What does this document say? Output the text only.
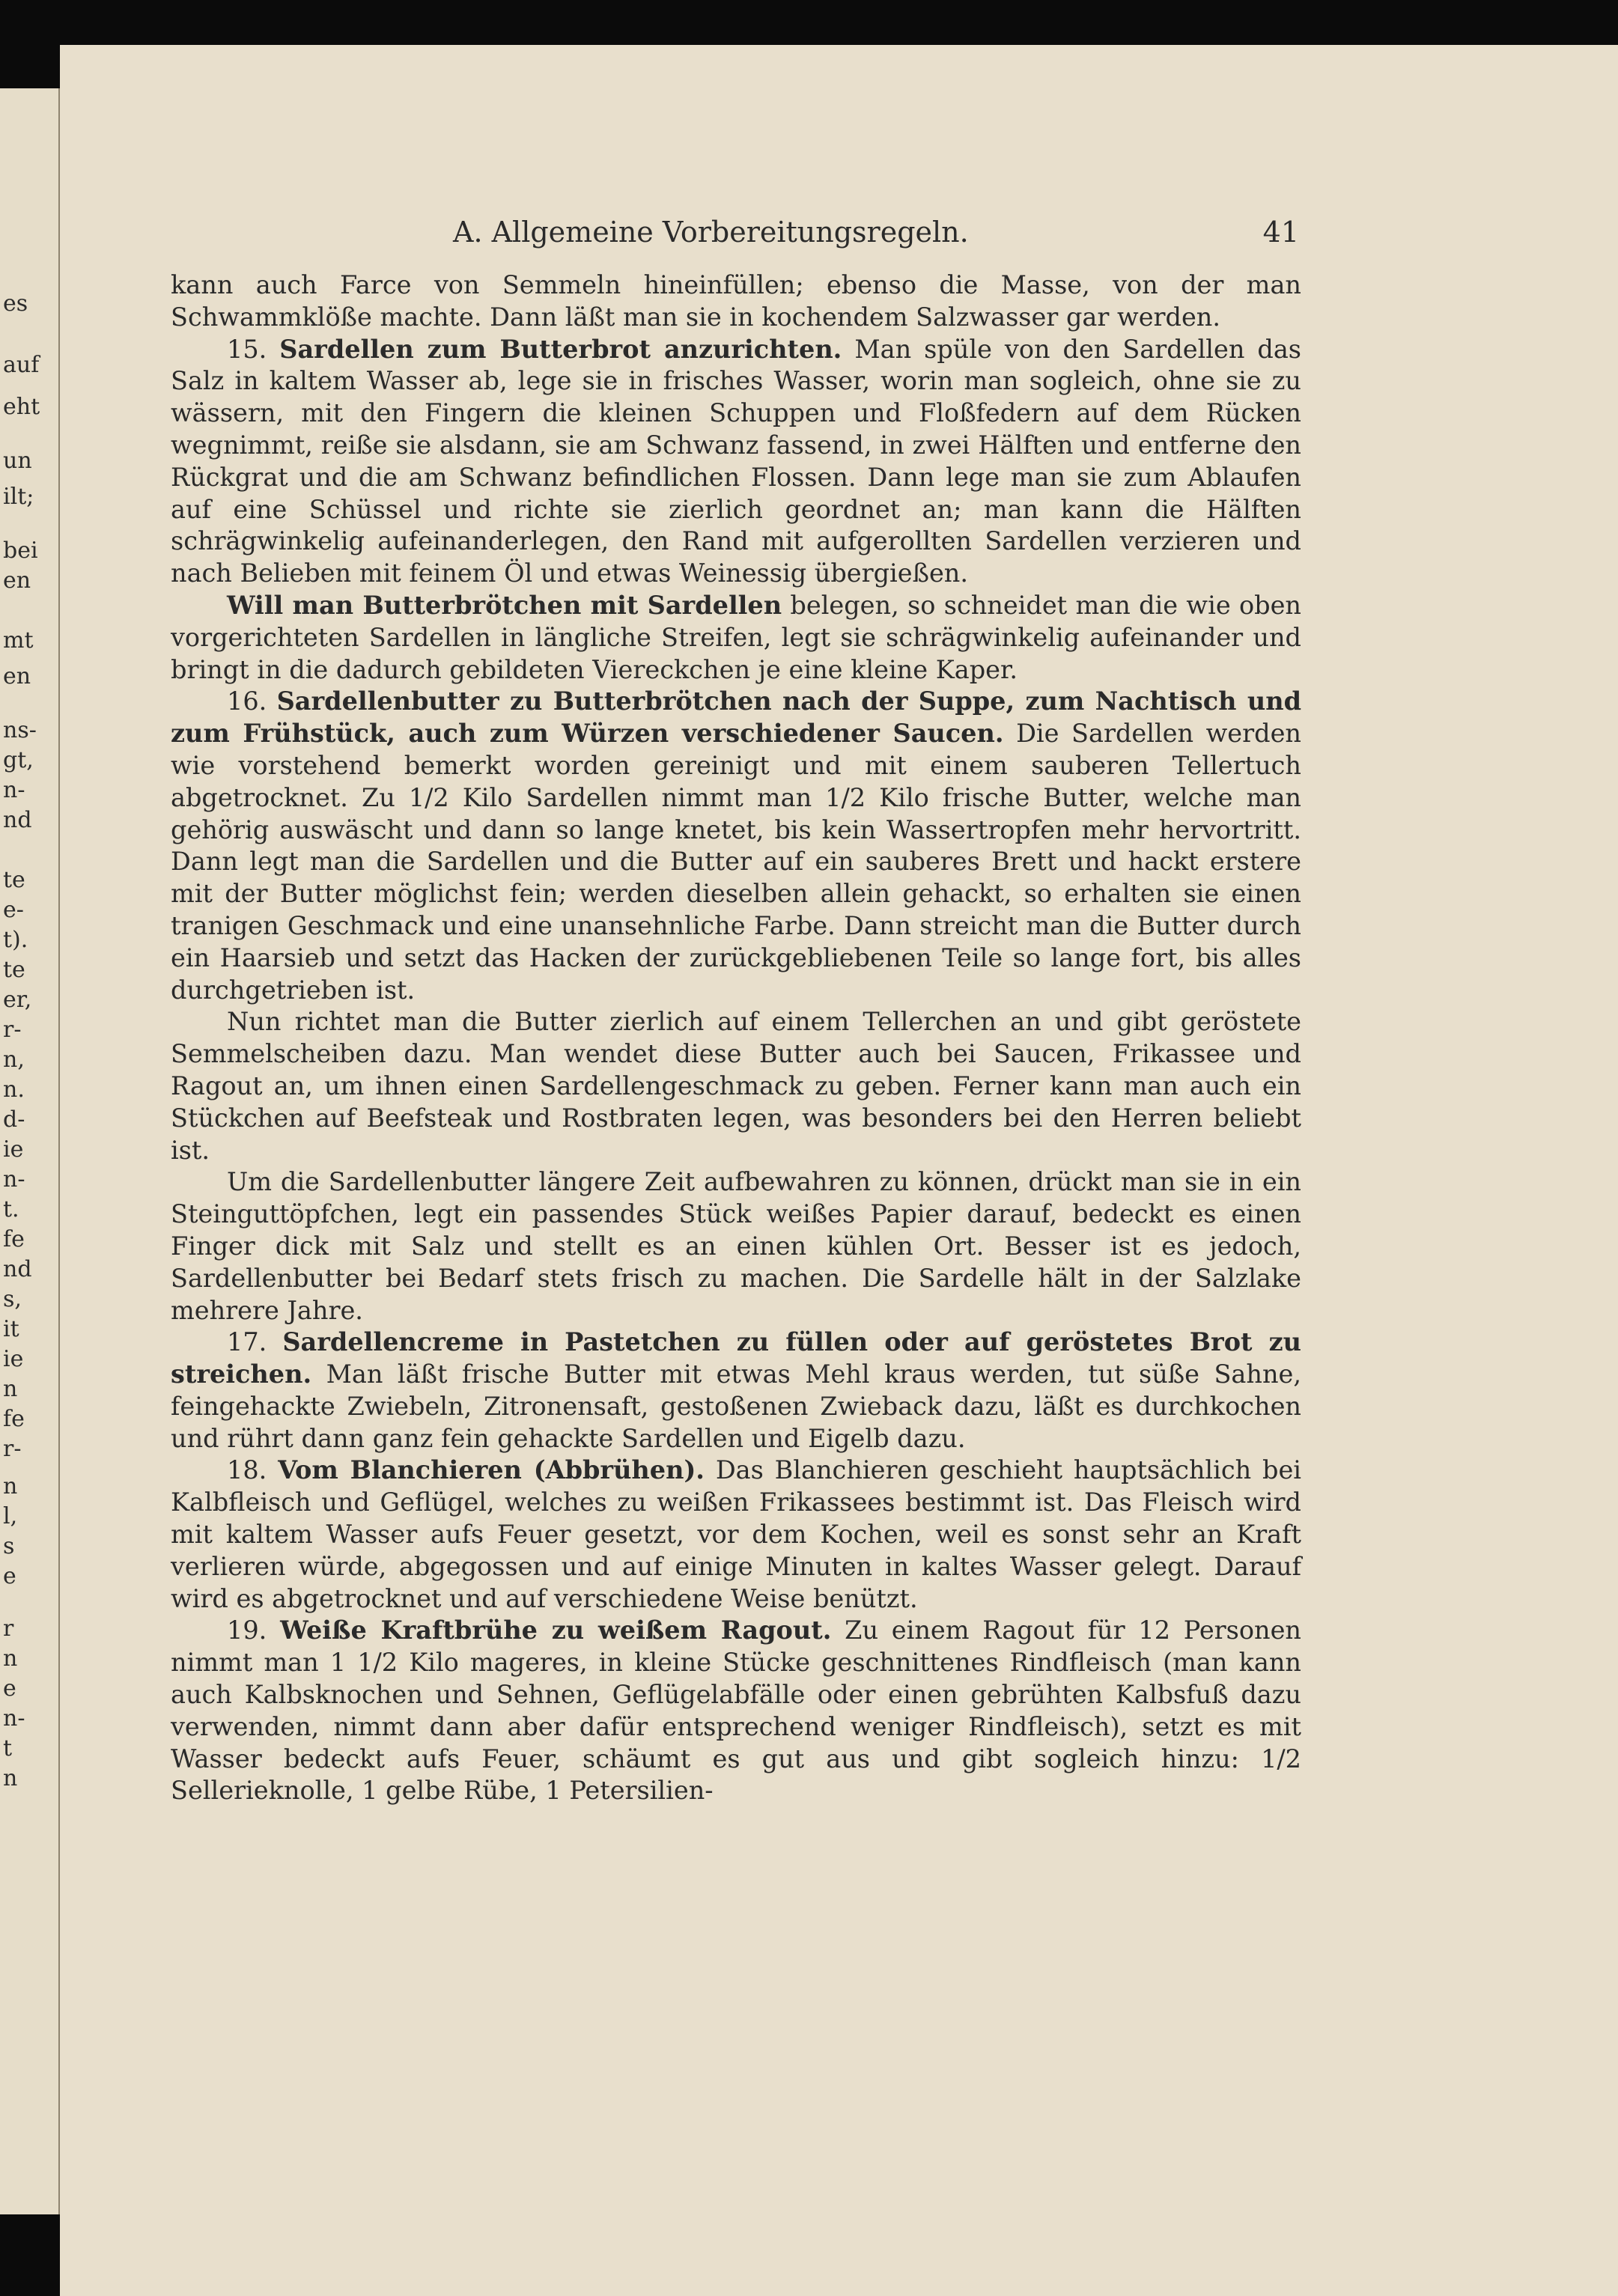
es
auf
eht
un
ilt;
bei
en
mt
en
ns-
gt,
n-
nd
te
e-
t).
te
er,
r-
n,
n.
d-
ie
n-
t.
fe
nd
s,
it
ie
n
fe
r-
n
l,
s
e
r
n
e
n-
t
n
A. Allgemeine Vorbereitungsregeln.	41

kann auch Farce von Semmeln hineinfüllen; ebenso die Masse, von der man Schwammklöße machte. Dann läßt man sie in kochendem Salzwasser gar werden.

15. Sardellen zum Butterbrot anzurichten. Man spüle von den Sardellen das Salz in kaltem Wasser ab, lege sie in frisches Wasser, worin man sogleich, ohne sie zu wässern, mit den Fingern die kleinen Schuppen und Floßfedern auf dem Rücken wegnimmt, reiße sie alsdann, sie am Schwanz fassend, in zwei Hälften und entferne den Rückgrat und die am Schwanz befindlichen Flossen. Dann lege man sie zum Ablaufen auf eine Schüssel und richte sie zierlich geordnet an; man kann die Hälften schrägwinkelig aufeinanderlegen, den Rand mit aufgerollten Sardellen verzieren und nach Belieben mit feinem Öl und etwas Weinessig übergießen.

Will man Butterbrötchen mit Sardellen belegen, so schneidet man die wie oben vorgerichteten Sardellen in längliche Streifen, legt sie schrägwinkelig aufeinander und bringt in die dadurch gebildeten Viereckchen je eine kleine Kaper.

16. Sardellenbutter zu Butterbrötchen nach der Suppe, zum Nachtisch und zum Frühstück, auch zum Würzen verschiedener Saucen. Die Sardellen werden wie vorstehend bemerkt worden gereinigt und mit einem sauberen Tellertuch abgetrocknet. Zu 1/2 Kilo Sardellen nimmt man 1/2 Kilo frische Butter, welche man gehörig auswäscht und dann so lange knetet, bis kein Wassertropfen mehr hervortritt. Dann legt man die Sardellen und die Butter auf ein sauberes Brett und hackt erstere mit der Butter möglichst fein; werden dieselben allein gehackt, so erhalten sie einen tranigen Geschmack und eine unansehnliche Farbe. Dann streicht man die Butter durch ein Haarsieb und setzt das Hacken der zurückgebliebenen Teile so lange fort, bis alles durchgetrieben ist.

Nun richtet man die Butter zierlich auf einem Tellerchen an und gibt geröstete Semmelscheiben dazu. Man wendet diese Butter auch bei Saucen, Frikassee und Ragout an, um ihnen einen Sardellengeschmack zu geben. Ferner kann man auch ein Stückchen auf Beefsteak und Rostbraten legen, was besonders bei den Herren beliebt ist.

Um die Sardellenbutter längere Zeit aufbewahren zu können, drückt man sie in ein Steinguttöpfchen, legt ein passendes Stück weißes Papier darauf, bedeckt es einen Finger dick mit Salz und stellt es an einen kühlen Ort. Besser ist es jedoch, Sardellenbutter bei Bedarf stets frisch zu machen. Die Sardelle hält in der Salzlake mehrere Jahre.

17. Sardellencreme in Pastetchen zu füllen oder auf geröstetes Brot zu streichen. Man läßt frische Butter mit etwas Mehl kraus werden, tut süße Sahne, feingehackte Zwiebeln, Zitronensaft, gestoßenen Zwieback dazu, läßt es durchkochen und rührt dann ganz fein gehackte Sardellen und Eigelb dazu.

18. Vom Blanchieren (Abbrühen). Das Blanchieren geschieht hauptsächlich bei Kalbfleisch und Geflügel, welches zu weißen Frikassees bestimmt ist. Das Fleisch wird mit kaltem Wasser aufs Feuer gesetzt, vor dem Kochen, weil es sonst sehr an Kraft verlieren würde, abgegossen und auf einige Minuten in kaltes Wasser gelegt. Darauf wird es abgetrocknet und auf verschiedene Weise benützt.

19. Weiße Kraftbrühe zu weißem Ragout. Zu einem Ragout für 12 Personen nimmt man 1 1/2 Kilo mageres, in kleine Stücke geschnittenes Rindfleisch (man kann auch Kalbsknochen und Sehnen, Geflügelabfälle oder einen gebrühten Kalbsfuß dazu verwenden, nimmt dann aber dafür entsprechend weniger Rindfleisch), setzt es mit Wasser bedeckt aufs Feuer, schäumt es gut aus und gibt sogleich hinzu: 1/2 Sellerieknolle, 1 gelbe Rübe, 1 Petersilien-
